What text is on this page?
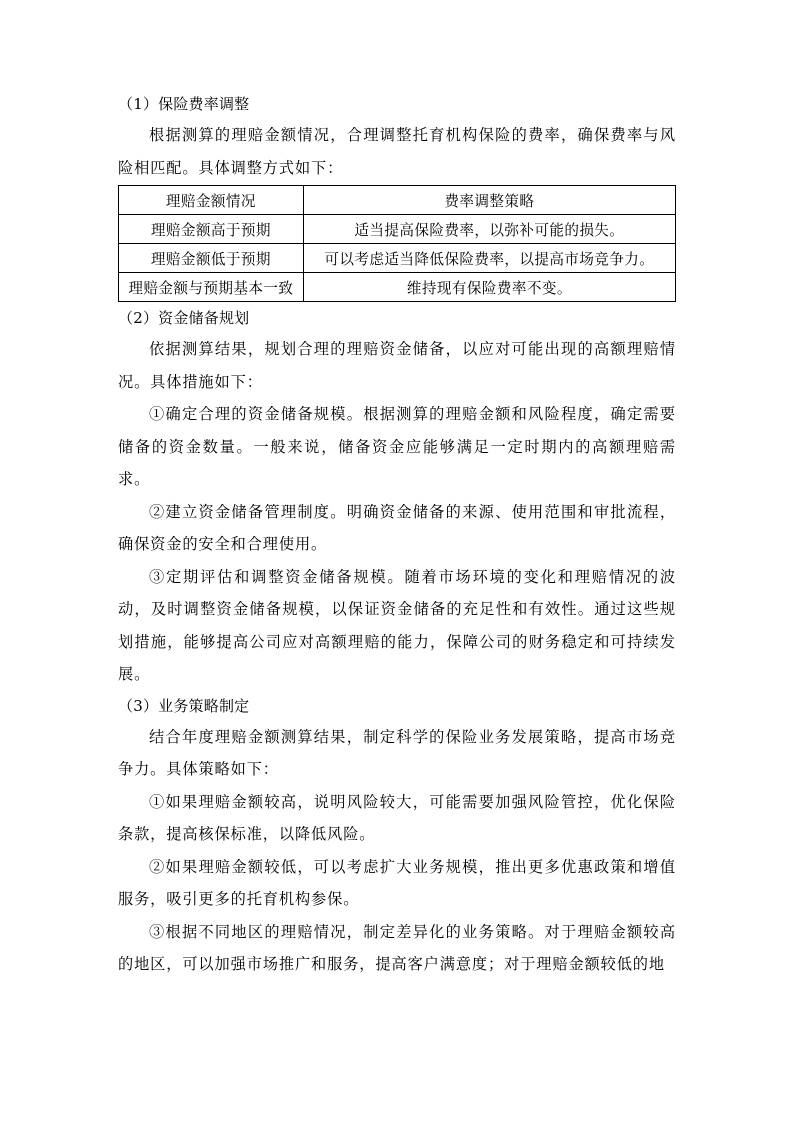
（1）保险费率调整

根据测算的理赔金额情况，合理调整托育机构保险的费率，确保费率与风险相匹配。具体调整方式如下：

理赔金额情况	费率调整策略
理赔金额高于预期	适当提高保险费率，以弥补可能的损失。
理赔金额低于预期	可以考虑适当降低保险费率，以提高市场竞争力。
理赔金额与预期基本一致	维持现有保险费率不变。

（2）资金储备规划

依据测算结果，规划合理的理赔资金储备，以应对可能出现的高额理赔情况。具体措施如下：

①确定合理的资金储备规模。根据测算的理赔金额和风险程度，确定需要储备的资金数量。一般来说，储备资金应能够满足一定时期内的高额理赔需求。

②建立资金储备管理制度。明确资金储备的来源、使用范围和审批流程，确保资金的安全和合理使用。

③定期评估和调整资金储备规模。随着市场环境的变化和理赔情况的波动，及时调整资金储备规模，以保证资金储备的充足性和有效性。通过这些规划措施，能够提高公司应对高额理赔的能力，保障公司的财务稳定和可持续发展。

（3）业务策略制定

结合年度理赔金额测算结果，制定科学的保险业务发展策略，提高市场竞争力。具体策略如下：

①如果理赔金额较高，说明风险较大，可能需要加强风险管控，优化保险条款，提高核保标准，以降低风险。

②如果理赔金额较低，可以考虑扩大业务规模，推出更多优惠政策和增值服务，吸引更多的托育机构参保。

③根据不同地区的理赔情况，制定差异化的业务策略。对于理赔金额较高的地区，可以加强市场推广和服务，提高客户满意度；对于理赔金额较低的地
